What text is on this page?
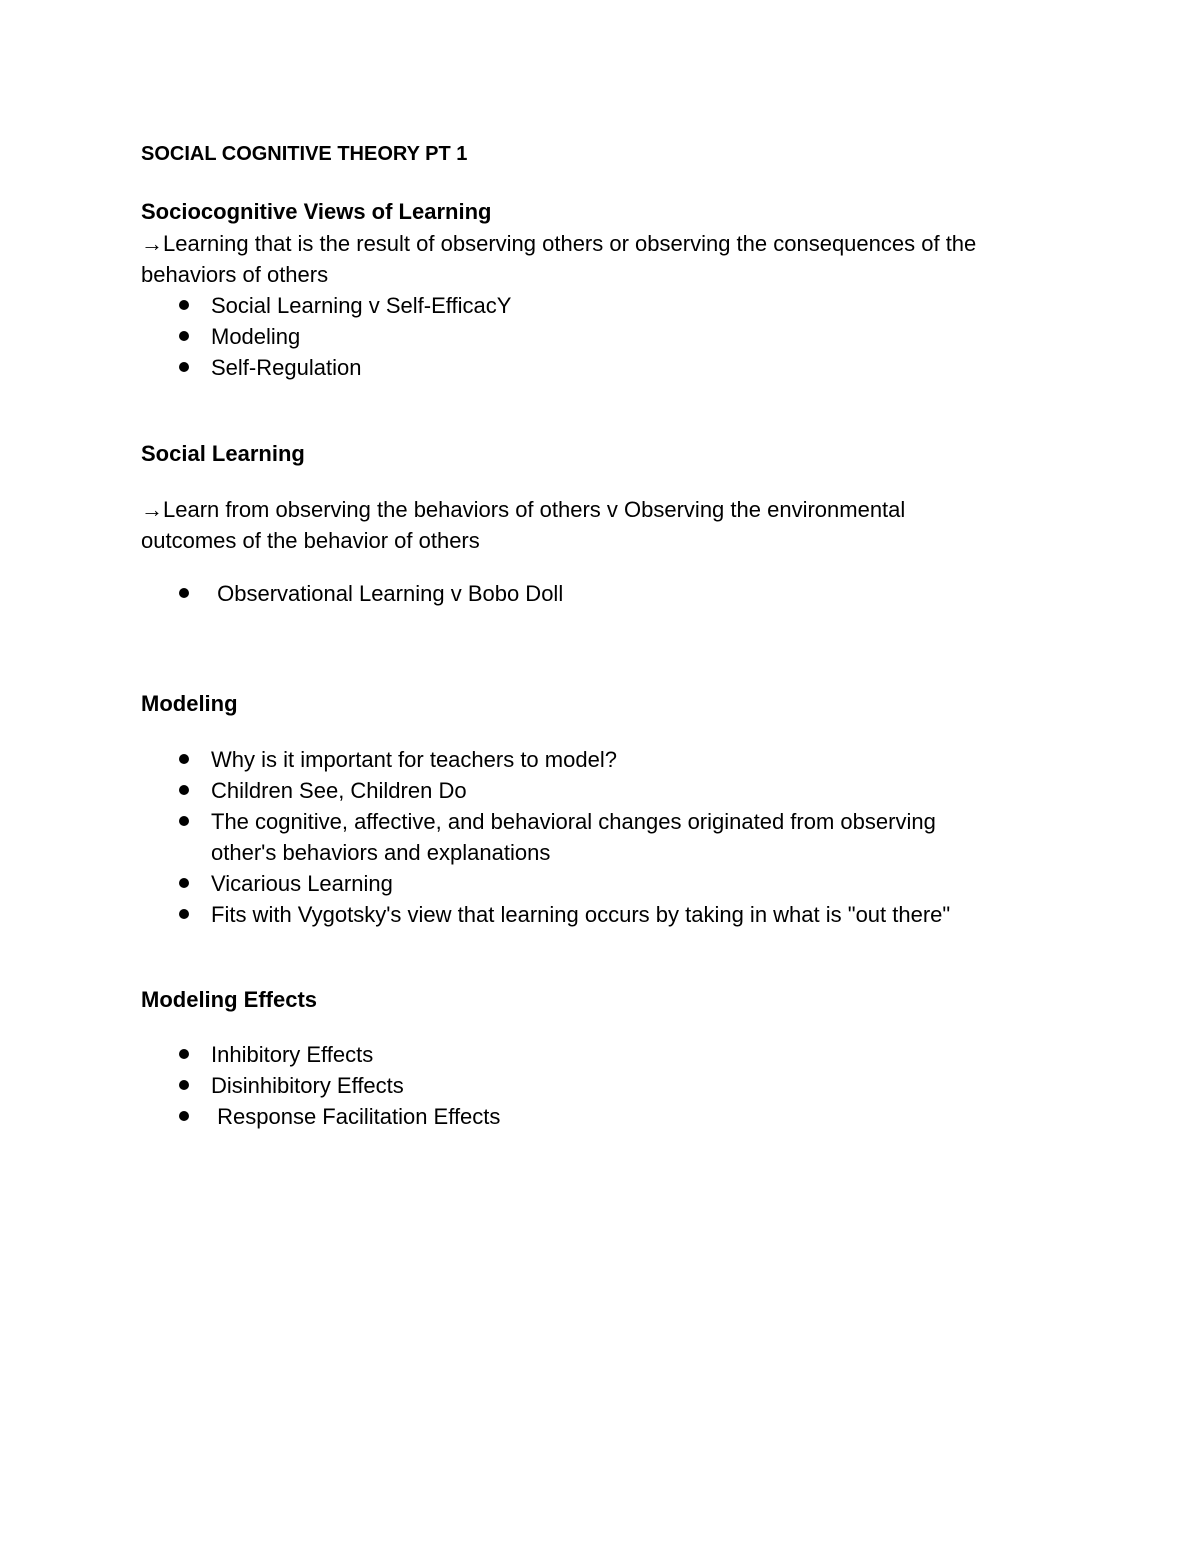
SOCIAL COGNITIVE THEORY PT 1
Sociocognitive Views of Learning
→Learning that is the result of observing others or observing the consequences of the
behaviors of others
Social Learning v Self-EfficacY
Modeling
Self-Regulation
Social Learning
→Learn from observing the behaviors of others v Observing the environmental
outcomes of the behavior of others
Observational Learning v Bobo Doll
Modeling
Why is it important for teachers to model?
Children See, Children Do
The cognitive, affective, and behavioral changes originated from observing
other's behaviors and explanations
Vicarious Learning
Fits with Vygotsky's view that learning occurs by taking in what is "out there"
Modeling Effects
Inhibitory Effects
Disinhibitory Effects
Response Facilitation Effects
